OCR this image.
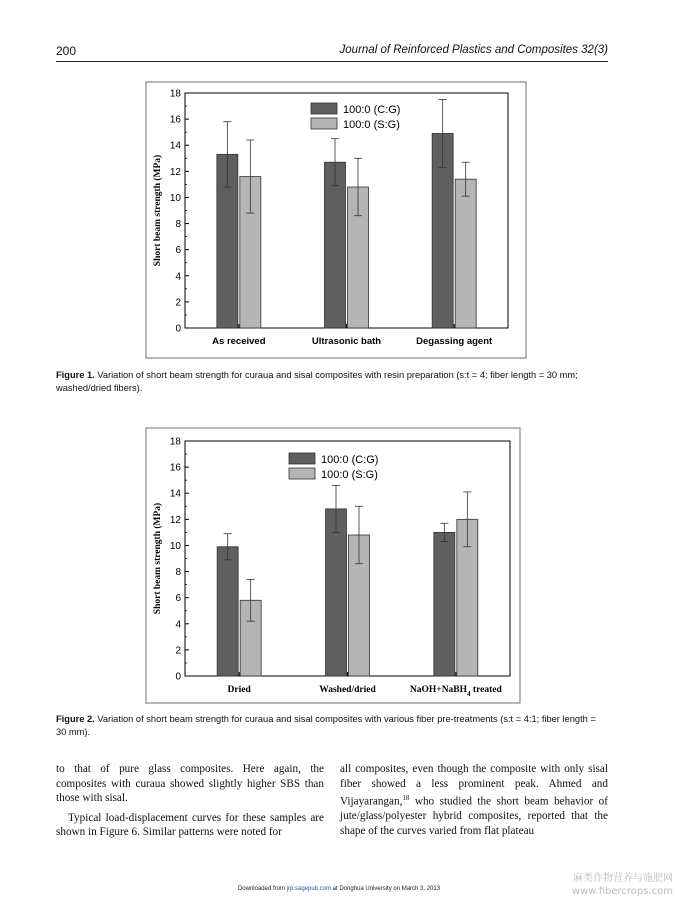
200	Journal of Reinforced Plastics and Composites 32(3)
0
2
4
6
8
10
12
14
16
18
Short beam strength (MPa)
As received	Ultrasonic bath	Degassing agent
100:0 (C:G)
100:0 (S:G)
Figure 1. Variation of short beam strength for curaua and sisal composites with resin preparation (s:t = 4; fiber length = 30 mm; washed/dried fibers).
0
2
4
6
8
10
12
14
16
18
Short beam strength (MPa)
Dried	Washed/dried	NaOH+NaBH$_4$ treated
100:0 (C:G)
100:0 (S:G)
Figure 2. Variation of short beam strength for curaua and sisal composites with various fiber pre-treatments (s:t = 4:1; fiber length = 30 mm).

to that of pure glass composites. Here again, the composites with curaua showed slightly higher SBS than those with sisal.

Typical load-displacement curves for these samples are shown in Figure 6. Similar patterns were noted for

all composites, even though the composite with only sisal fiber showed a less prominent peak. Ahmed and Vijayarangan,$^{18}$ who studied the short beam behavior of jute/glass/polyester hybrid composites, reported that the shape of the curves varied from flat plateau

Downloaded from jrp.sagepub.com at Donghua University on March 3, 2013
麻类作物营养与施肥网
www.fibercrops.com
